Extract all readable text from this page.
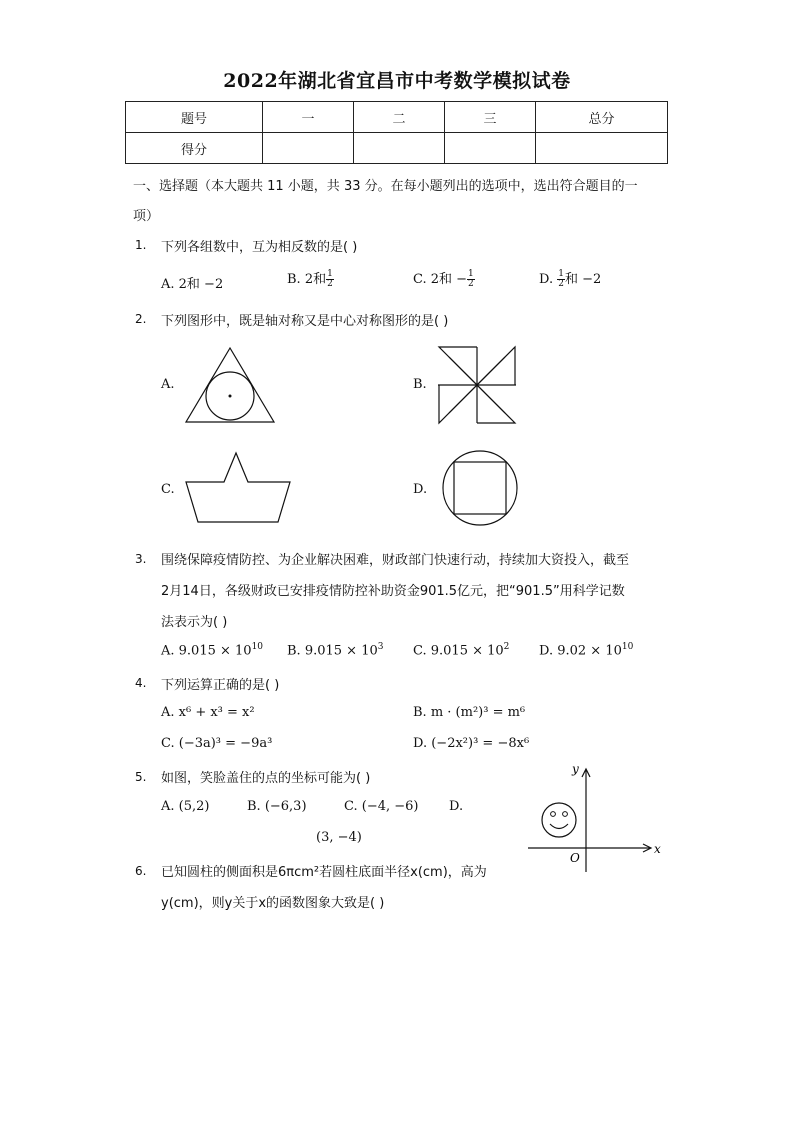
2022年湖北省宜昌市中考数学模拟试卷
题号	一	二	三	总分
得分				
一、选择题（本大题共 11 小题，共 33 分。在每小题列出的选项中，选出符合题目的一
项）
1. 下列各组数中，互为相反数的是( )
A. 2和 −2	B. 2和 $\frac{1}{2}$	C. 2和 − $\frac{1}{2}$	D. $\frac{1}{2}$ 和 −2
2. 下列图形中，既是轴对称又是中心对称图形的是( )
A.	B.
C.	D.
3. 围绕保障疫情防控、为企业解决困难，财政部门快速行动，持续加大资投入，截至
2月14日，各级财政已安排疫情防控补助资金901.5亿元，把“901.5”用科学记数
法表示为( )
A. $9.015 \times 10^{10}$ B. $9.015 \times 10^3$ C. $9.015 \times 10^2$ D. $9.02 \times 10^{10}$
4. 下列运算正确的是( )
A. x⁶ + x³ = x²	B. m · (m²)³ = m⁶
C. (−3a)³ = −9a³	D. (−2x²)³ = −8x⁶
5. 如图，笑脸盖住的点的坐标可能为( )
A. (5,2)	B. (−6,3)	C. (−4, −6) D.
(3, −4)
y
x
O
6. 已知圆柱的侧面积是6πcm²若圆柱底面半径x(cm)，高为
y(cm)，则y关于x的函数图象大致是( )
